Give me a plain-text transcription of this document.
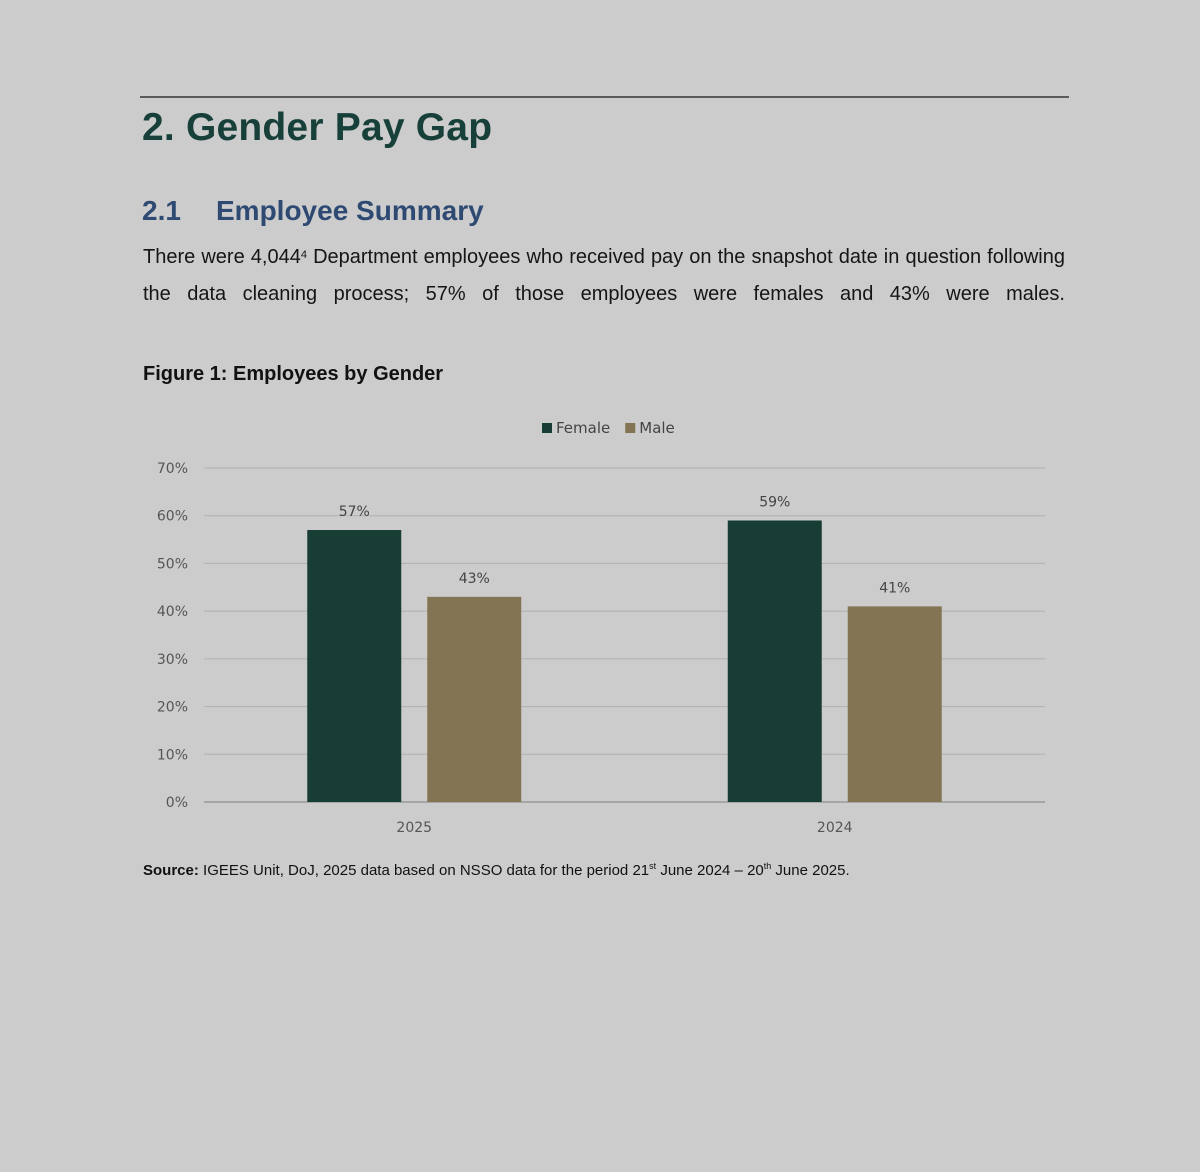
2. Gender Pay Gap
2.1 Employee Summary

There were 4,044$^4$ Department employees who received pay on the snapshot date in question following the data cleaning process; 57% of those employees were females and 43% were males.

Figure 1: Employees by Gender
0%
10%
20%
30%
40%
50%
60%
70%
57%
43%
2025
59%
41%
2024
Female Male

Source: IGEES Unit, DoJ, 2025 data based on NSSO data for the period 21st June 2024 – 20th June 2025.
